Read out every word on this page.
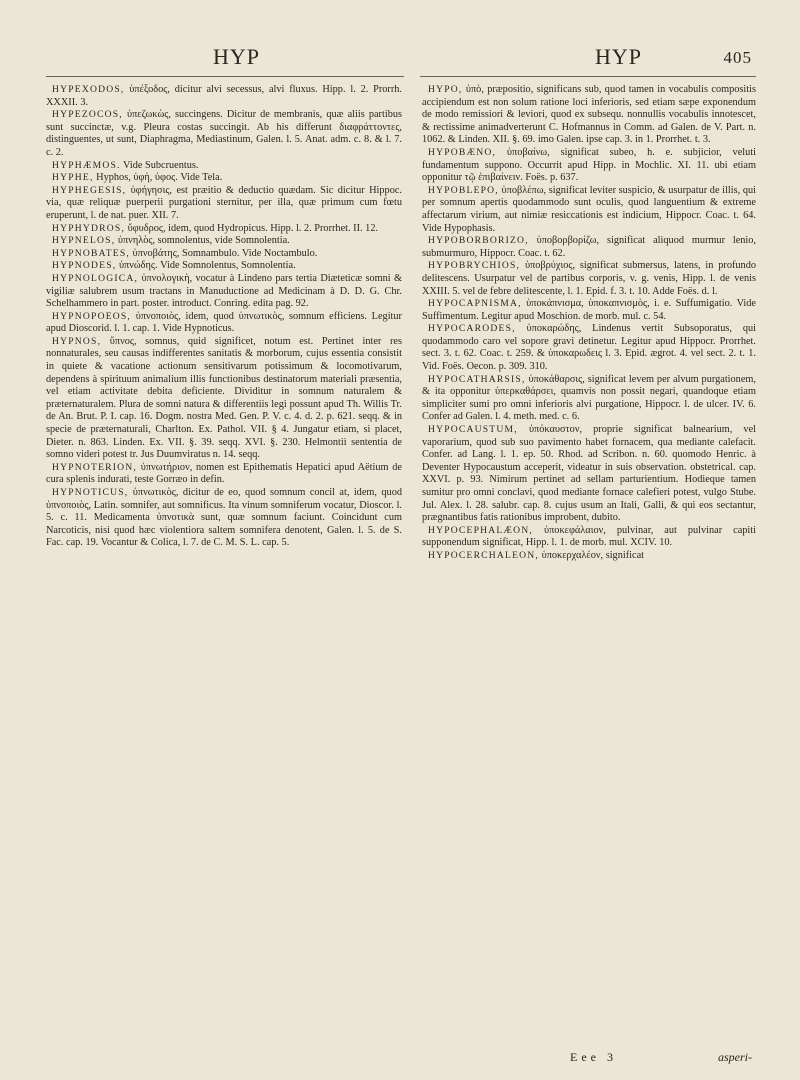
HYP	HYP	405

HYPEXODOS, ὑπέξοδος, dicitur alvi secessus, alvi fluxus. Hipp. l. 2. Prorrh. XXXII. 3.

HYPEZOCOS, ὑπεζωκὼς, succingens. Dicitur de membranis, quæ aliis partibus sunt succinctæ, v.g. Pleura costas succingit. Ab his differunt διαφράττοντες, distinguentes, ut sunt, Diaphragma, Mediastinum, Galen. l. 5. Anat. adm. c. 8. & l. 7. c. 2.

HYPHÆMOS. Vide Subcruentus.

HYPHE, Hyphos, ὑφὴ, ὑφος. Vide Tela.

HYPHEGESIS, ὑφήγησις, est præitio & deductio quædam. Sic dicitur Hippoc. via, quæ reliquæ puerperii purgationi sternitur, per illa, quæ primum cum fœtu eruperunt, l. de nat. puer. XII. 7.

HYPHYDROS, ὕφυδρος, idem, quod Hydropicus. Hipp. l. 2. Prorrhet. II. 12.

HYPNELOS, ὑπνηλὸς, somnolentus, vide Somnolentia.

HYPNOBATES, ὑπνοβάτης, Somnambulo. Vide Noctambulo.

HYPNODES, ὑπνώδης. Vide Somnolentus, Somnolentia.

HYPNOLOGICA, ὑπνολογικὴ, vocatur à Lindeno pars tertia Diæteticæ somni & vigiliæ salubrem usum tractans in Manuductione ad Medicinam à D. D. G. Chr. Schelhammero in part. poster. introduct. Conring. edita pag. 92.

HYPNOPOEOS, ὑπνοποιὸς, idem, quod ὑπνωτικὸς, somnum efficiens. Legitur apud Dioscorid. l. 1. cap. 1. Vide Hypnoticus.

HYPNOS, ὕπνος, somnus, quid significet, notum est. Pertinet inter res nonnaturales, seu causas indifferentes sanitatis & morborum, cujus essentia consistit in quiete & vacatione actionum sensitivarum potissimum & locomotivarum, dependens à spirituum animalium illis functionibus destinatorum materiali præsentia, vel etiam activitate debita deficiente. Dividitur in somnum naturalem & præternaturalem. Plura de somni natura & differentiis legi possunt apud Th. Willis Tr. de An. Brut. P. I. cap. 16. Dogm. nostra Med. Gen. P. V. c. 4. d. 2. p. 621. seqq. & in specie de præternaturali, Charlton. Ex. Pathol. VII. § 4. Jungatur etiam, si placet, Dieter. n. 863. Linden. Ex. VII. §. 39. seqq. XVI. §. 230. Helmontii sententia de somno videri potest tr. Jus Duumviratus n. 14. seqq.

HYPNOTERION, ὑπνωτήριον, nomen est Epithematis Hepatici apud Aëtium de cura splenis indurati, teste Gorræo in defin.

HYPNOTICUS, ὑπνωτικὸς, dicitur de eo, quod somnum concil at, idem, quod ὑπνοποιὸς, Latin. somnifer, aut somnificus. Ita vinum somniferum vocatur, Dioscor. l. 5. c. 11. Medicamenta ὑπνοτικὰ sunt, quæ somnum faciunt. Coincidunt cum Narcoticis, nisi quod hæc violentiora saltem somnifera denotent, Galen. l. 5. de S. Fac. cap. 19. Vocantur & Colica, l. 7. de C. M. S. L. cap. 5.

HYPO, ὑπὸ, præpositio, significans sub, quod tamen in vocabulis compositis accipiendum est non solum ratione loci inferioris, sed etiam sæpe exponendum de modo remissiori & leviori, quod ex subsequ. nonnullis vocabulis innotescet, & rectissime animadverterunt C. Hofmannus in Comm. ad Galen. de V. Part. n. 1062. & Linden. XII. §. 69. imo Galen. ipse cap. 3. in 1. Prorrhet. t. 3.

HYPOBÆNO, ὑποβαίνω, significat subeo, h. e. subjicior, veluti fundamentum suppono. Occurrit apud Hipp. in Mochlic. XI. 11. ubi etiam opponitur τῷ ἐπιβαίνειν. Foës. p. 637.

HYPOBLEPO, ὑποβλέπω, significat leviter suspicio, & usurpatur de illis, qui per somnum apertis quodammodo sunt oculis, quod languentium & extreme affectarum virium, aut nimiæ resiccationis est indicium, Hippocr. Coac. t. 64. Vide Hypophasis.

HYPOBORBORIZO, ὑποβορβορίζω, significat aliquod murmur lenio, submurmuro, Hippocr. Coac. t. 62.

HYPOBRYCHIOS, ὑποβρύχιος, significat submersus, latens, in profundo delitescens. Usurpatur vel de partibus corporis, v. g. venis, Hipp. l. de venis XXIII. 5. vel de febre delitescente, l. 1. Epid. f. 3. t. 10. Adde Foës. d. l.

HYPOCAPNISMA, ὑποκάπνισμα, ὑποκαπνισμὸς, i. e. Suffumigatio. Vide Suffimentum. Legitur apud Moschion. de morb. mul. c. 54.

HYPOCARODES, ὑποκαρώδης, Lindenus vertit Subsoporatus, qui quodammodo caro vel sopore gravi detinetur. Legitur apud Hippocr. Prorrhet. sect. 3. t. 62. Coac. t. 259. & ὑποκαρωδεις l. 3. Epid. ægrot. 4. vel sect. 2. t. 1. Vid. Foës. Oecon. p. 309. 310.

HYPOCATHARSIS, ὑποκάθαρσις, significat levem per alvum purgationem, & ita opponitur ὑπερκαθάρσει, quamvis non possit negari, quandoque etiam simpliciter sumi pro omni inferioris alvi purgatione, Hippocr. l. de ulcer. IV. 6. Confer ad Galen. l. 4. meth. med. c. 6.

HYPOCAUSTUM, ὑπόκαυστον, proprie significat balnearium, vel vaporarium, quod sub suo pavimento habet fornacem, qua mediante calefacit. Confer. ad Lang. l. 1. ep. 50. Rhod. ad Scribon. n. 60. quomodo Henric. à Deventer Hypocaustum acceperit, videatur in suis observation. obstetrical. cap. XXVI. p. 93. Nimirum pertinet ad sellam parturientium. Hodieque tamen sumitur pro omni conclavi, quod mediante fornace calefieri potest, vulgo Stube. Jul. Alex. l. 28. salubr. cap. 8. cujus usum an Itali, Galli, & qui eos sectantur, prægnantibus fatis rationibus improbent, dubito.

HYPOCEPHALÆON, ὑποκεφάλαιον, pulvinar, aut pulvinar capiti supponendum significat, Hipp. l. 1. de morb. mul. XCIV. 10.

HYPOCERCHALEON, ὑποκερχαλέον, significat

Eee 3	asperi-
